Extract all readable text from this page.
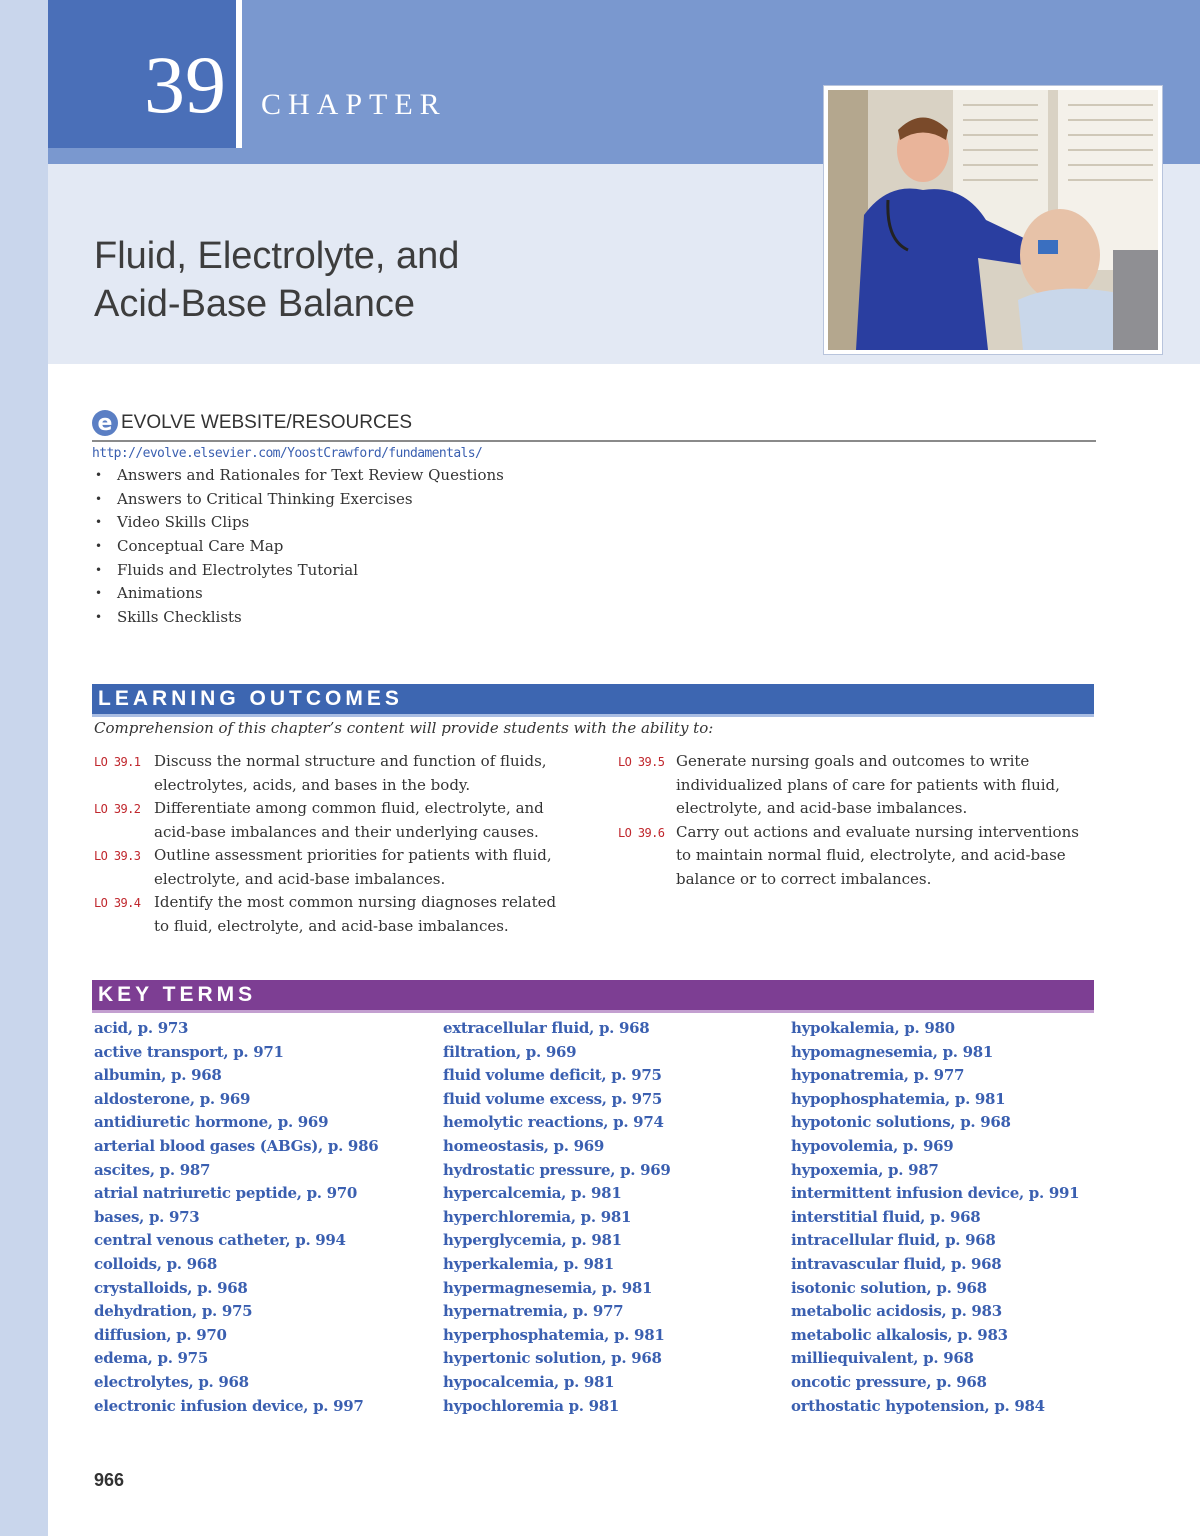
39 CHAPTER
Fluid, Electrolyte, and
Acid-Base Balance
e EVOLVE WEBSITE/RESOURCES
http://evolve.elsevier.com/YoostCrawford/fundamentals/
• Answers and Rationales for Text Review Questions
• Answers to Critical Thinking Exercises
• Video Skills Clips
• Conceptual Care Map
• Fluids and Electrolytes Tutorial
• Animations
• Skills Checklists
LEARNING OUTCOMES
Comprehension of this chapter’s content will provide students with the ability to:
LO 39.1 Discuss the normal structure and function of fluids,
electrolytes, acids, and bases in the body.
LO 39.2 Differentiate among common fluid, electrolyte, and
acid-base imbalances and their underlying causes.
LO 39.3 Outline assessment priorities for patients with fluid,
electrolyte, and acid-base imbalances.
LO 39.4 Identify the most common nursing diagnoses related
to fluid, electrolyte, and acid-base imbalances.
LO 39.5 Generate nursing goals and outcomes to write
individualized plans of care for patients with fluid,
electrolyte, and acid-base imbalances.
LO 39.6 Carry out actions and evaluate nursing interventions
to maintain normal fluid, electrolyte, and acid-base
balance or to correct imbalances.
KEY TERMS
acid, p. 973
active transport, p. 971
albumin, p. 968
aldosterone, p. 969
antidiuretic hormone, p. 969
arterial blood gases (ABGs), p. 986
ascites, p. 987
atrial natriuretic peptide, p. 970
bases, p. 973
central venous catheter, p. 994
colloids, p. 968
crystalloids, p. 968
dehydration, p. 975
diffusion, p. 970
edema, p. 975
electrolytes, p. 968
electronic infusion device, p. 997
extracellular fluid, p. 968
filtration, p. 969
fluid volume deficit, p. 975
fluid volume excess, p. 975
hemolytic reactions, p. 974
homeostasis, p. 969
hydrostatic pressure, p. 969
hypercalcemia, p. 981
hyperchloremia, p. 981
hyperglycemia, p. 981
hyperkalemia, p. 981
hypermagnesemia, p. 981
hypernatremia, p. 977
hyperphosphatemia, p. 981
hypertonic solution, p. 968
hypocalcemia, p. 981
hypochloremia p. 981
hypokalemia, p. 980
hypomagnesemia, p. 981
hyponatremia, p. 977
hypophosphatemia, p. 981
hypotonic solutions, p. 968
hypovolemia, p. 969
hypoxemia, p. 987
intermittent infusion device, p. 991
interstitial fluid, p. 968
intracellular fluid, p. 968
intravascular fluid, p. 968
isotonic solution, p. 968
metabolic acidosis, p. 983
metabolic alkalosis, p. 983
milliequivalent, p. 968
oncotic pressure, p. 968
orthostatic hypotension, p. 984
966
